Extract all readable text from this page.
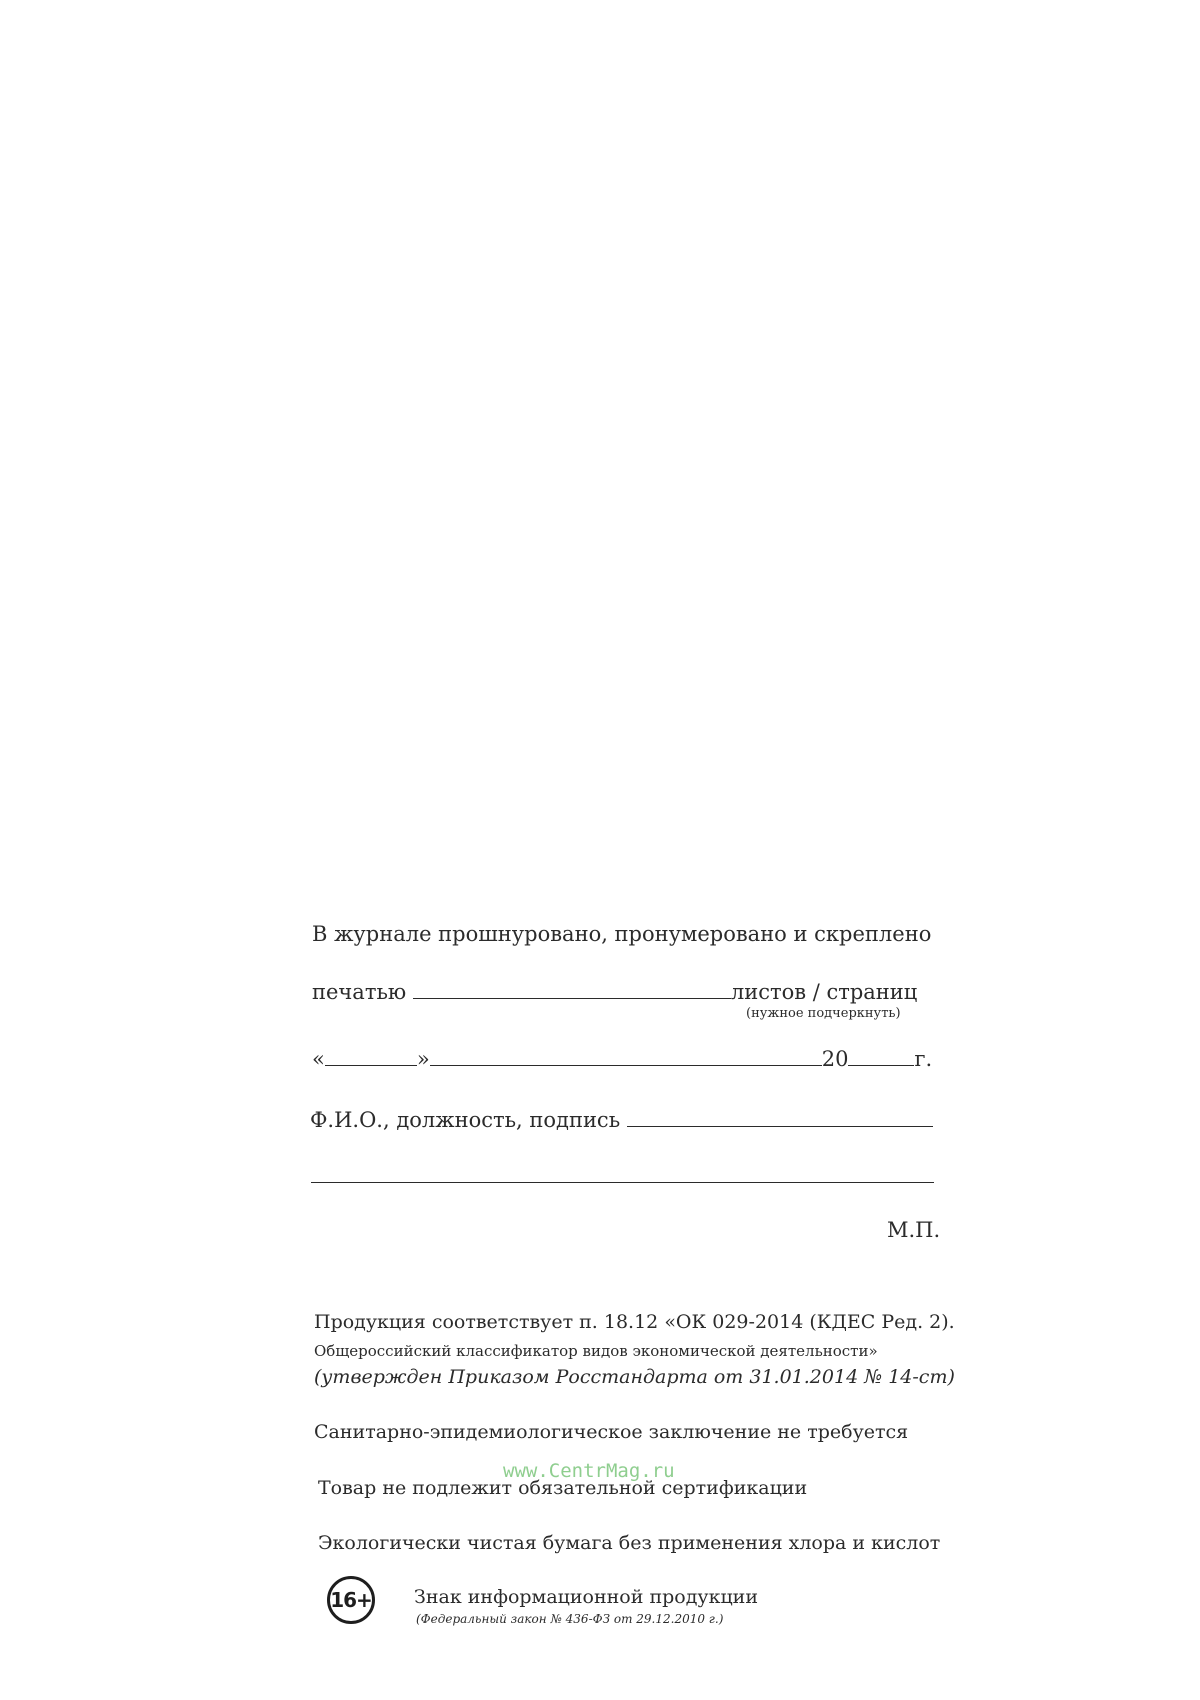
В журнале прошнуровано, пронумеровано и скреплено
печатью	листов / страниц
(нужное подчеркнуть)
«	»	20	г.
Ф.И.О., должность, подпись
М.П.
Продукция соответствует п. 18.12 «ОК 029-2014 (КДЕС Ред. 2).
Общероссийский классификатор видов экономической деятельности»
(утвержден Приказом Росстандарта от 31.01.2014 № 14-ст)
Санитарно-эпидемиологическое заключение не требуется
www.CentrMag.ru
Товар не подлежит обязательной сертификации
Экологически чистая бумага без применения хлора и кислот
16+ Знак информационной продукции
(Федеральный закон № 436-ФЗ от 29.12.2010 г.)
